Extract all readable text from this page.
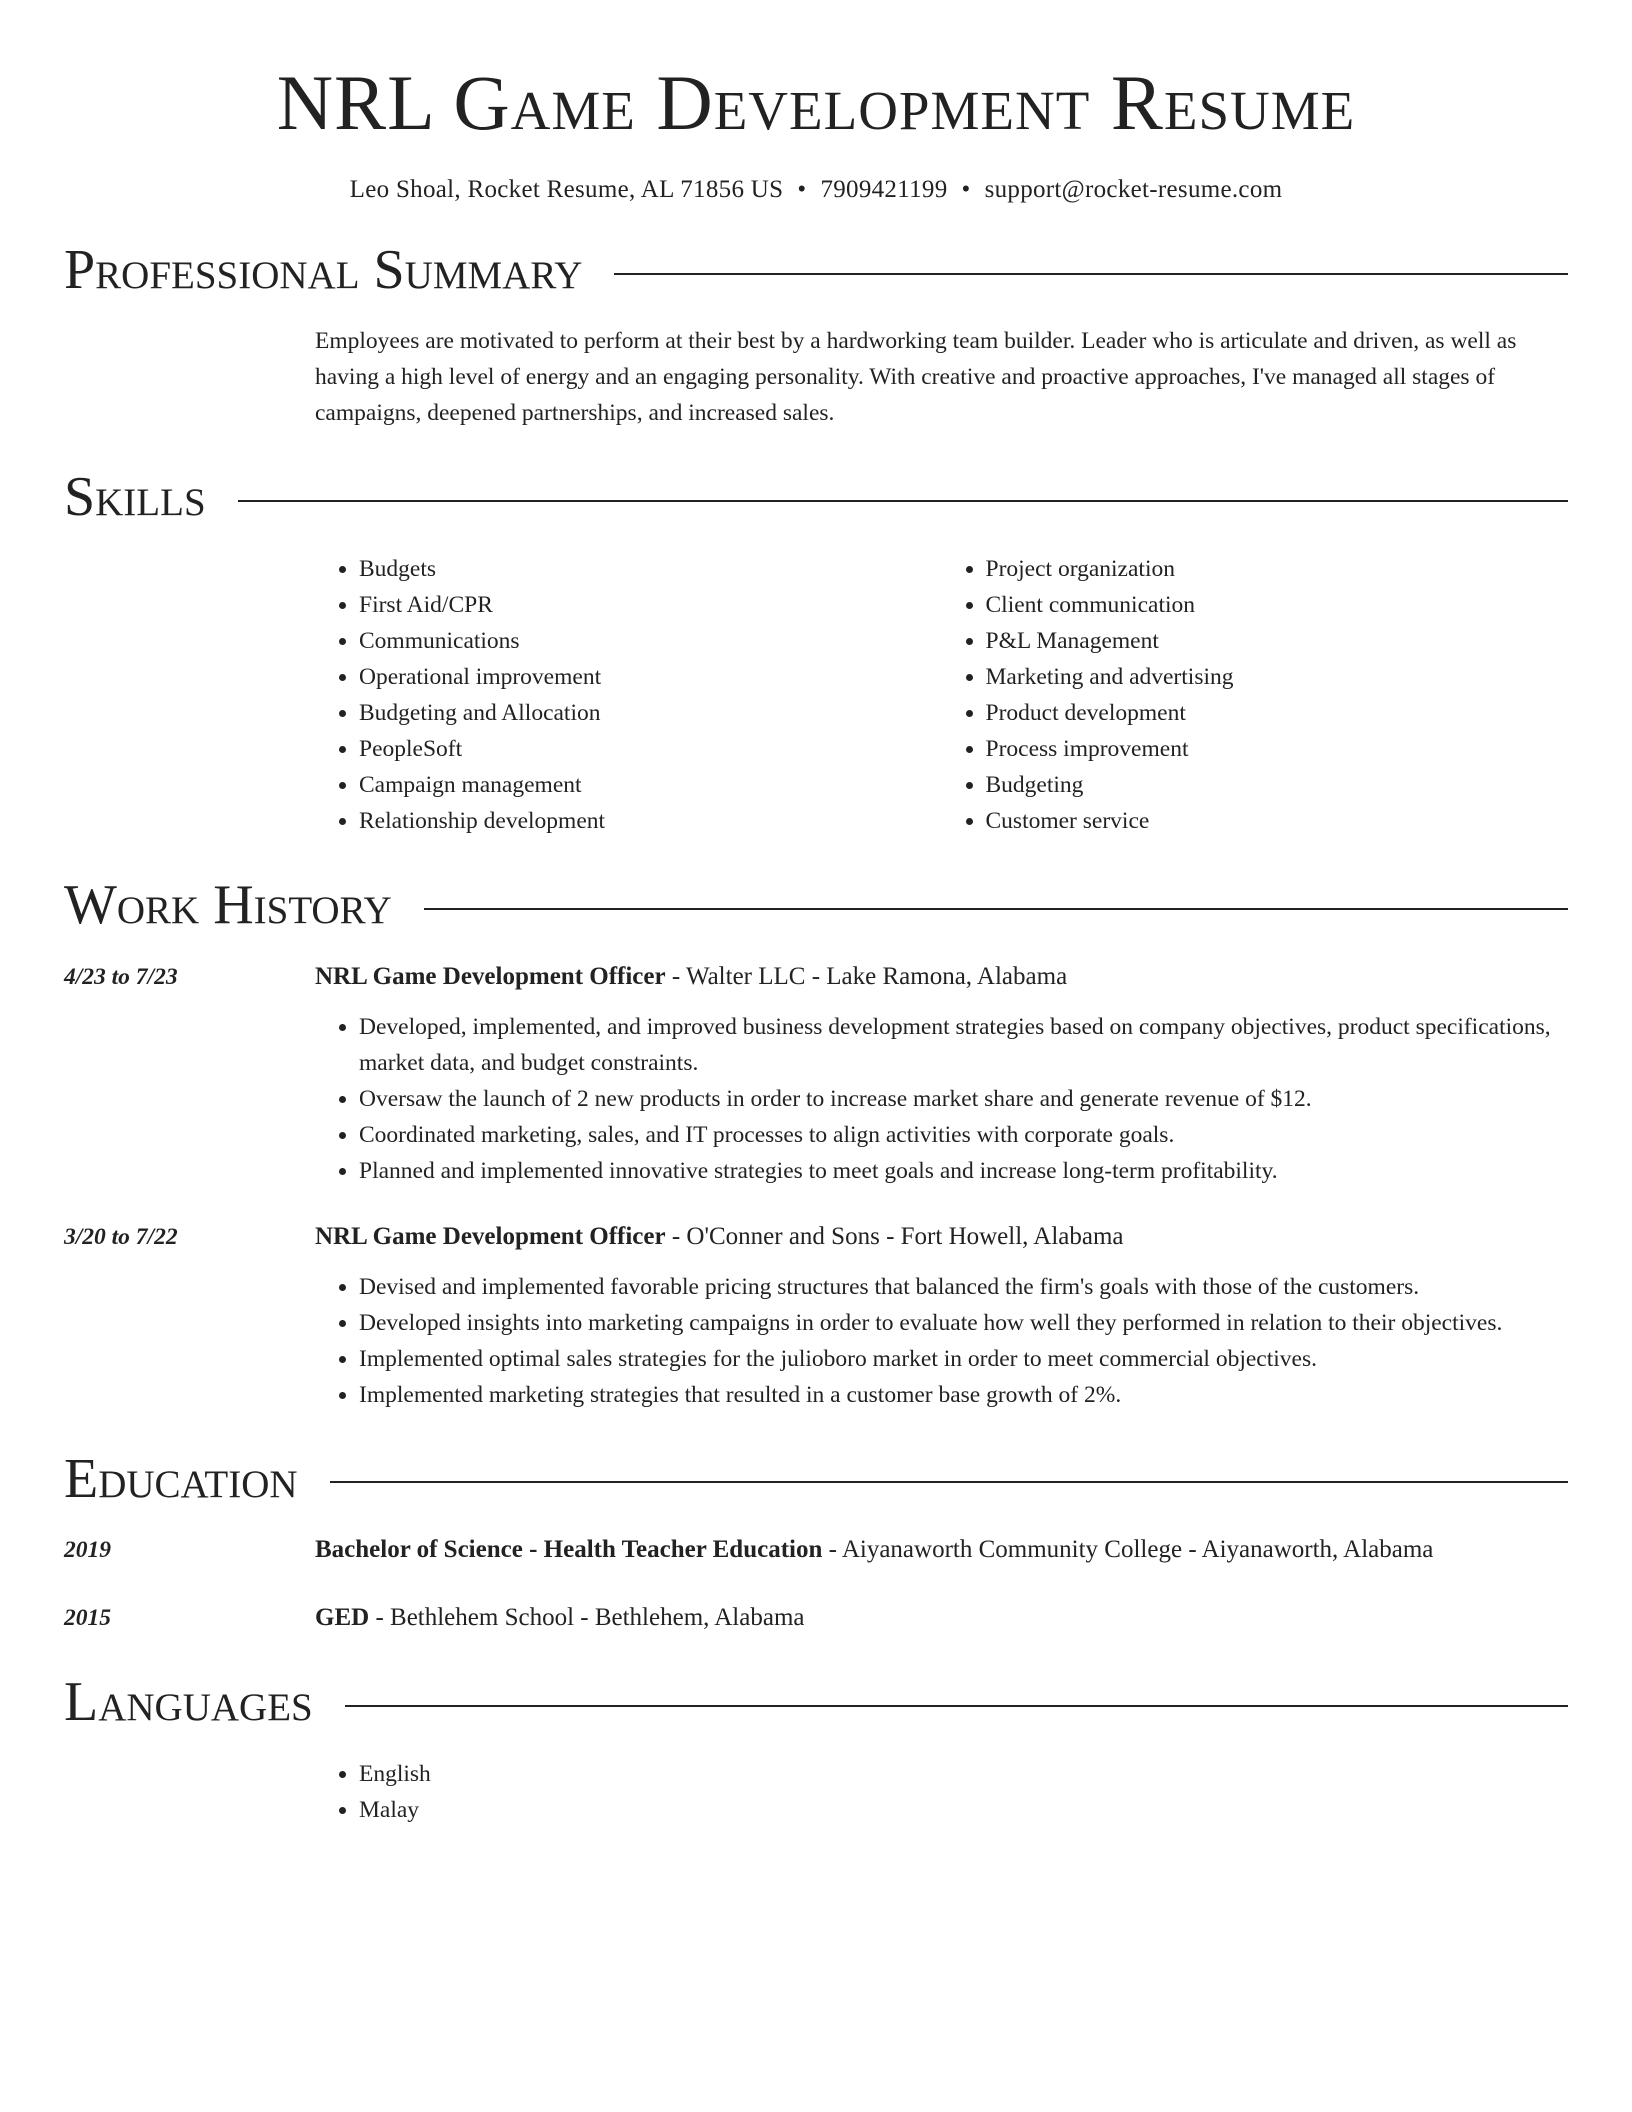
NRL Game Development Resume
Leo Shoal, Rocket Resume, AL 71856 US • 7909421199 • support@rocket-resume.com
Professional Summary

Employees are motivated to perform at their best by a hardworking team builder. Leader who is articulate and driven, as well as having a high level of energy and an engaging personality. With creative and proactive approaches, I've managed all stages of campaigns, deepened partnerships, and increased sales.

Skills
• Budgets
• First Aid/CPR
• Communications
• Operational improvement
• Budgeting and Allocation
• PeopleSoft
• Campaign management
• Relationship development
• Project organization
• Client communication
• P&L Management
• Marketing and advertising
• Product development
• Process improvement
• Budgeting
• Customer service
Work History
4/23 to 7/23	NRL Game Development Officer - Walter LLC - Lake Ramona, Alabama
• Developed, implemented, and improved business development strategies based on company objectives, product specifications, market data, and budget constraints.
• Oversaw the launch of 2 new products in order to increase market share and generate revenue of $12.
• Coordinated marketing, sales, and IT processes to align activities with corporate goals.
• Planned and implemented innovative strategies to meet goals and increase long-term profitability.
3/20 to 7/22	NRL Game Development Officer - O'Conner and Sons - Fort Howell, Alabama
• Devised and implemented favorable pricing structures that balanced the firm's goals with those of the customers.
• Developed insights into marketing campaigns in order to evaluate how well they performed in relation to their objectives.
• Implemented optimal sales strategies for the julioboro market in order to meet commercial objectives.
• Implemented marketing strategies that resulted in a customer base growth of 2%.
Education
2019	Bachelor of Science - Health Teacher Education - Aiyanaworth Community College - Aiyanaworth, Alabama
2015	GED - Bethlehem School - Bethlehem, Alabama
Languages
• English
• Malay
